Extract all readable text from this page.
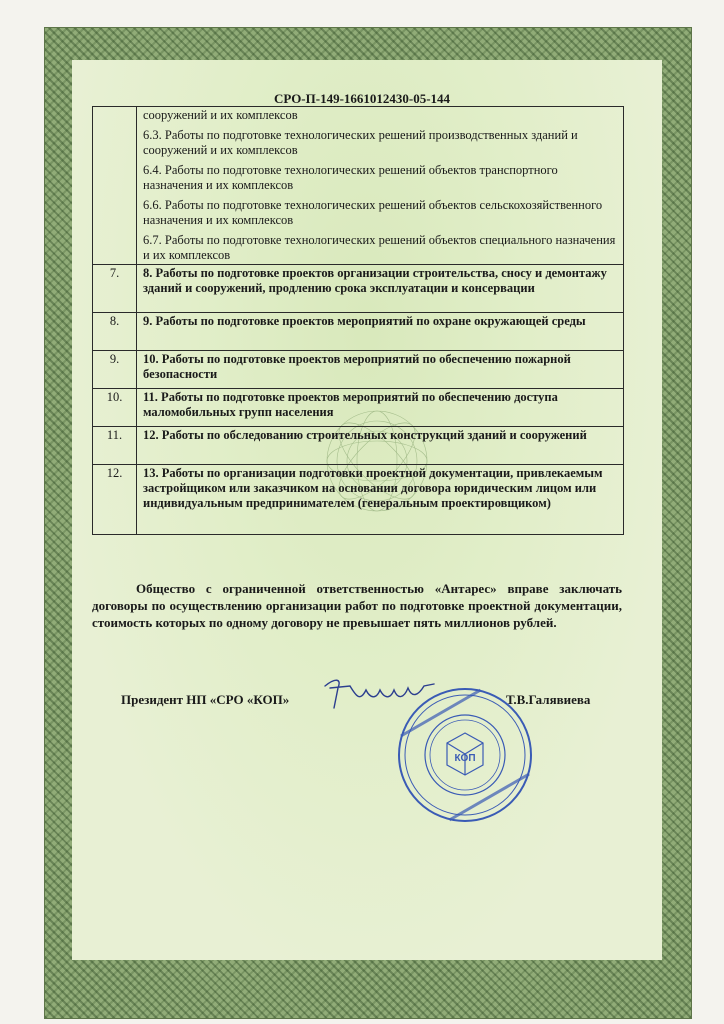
СРО-П-149-1661012430-05-144

	сооружений и их комплексов
6.3. Работы по подготовке технологических решений производственных зданий и сооружений и их комплексов
6.4. Работы по подготовке технологических решений объектов транспортного назначения и их комплексов
6.6. Работы по подготовке технологических решений объектов сельскохозяйственного назначения и их комплексов
6.7. Работы по подготовке технологических решений объектов специального назначения и их комплексов

7.	8. Работы по подготовке проектов организации строительства, сносу и демонтажу зданий и сооружений, продлению срока эксплуатации и консервации
8.	9. Работы по подготовке проектов мероприятий по охране окружающей среды
9.	10. Работы по подготовке проектов мероприятий по обеспечению пожарной безопасности
10.	11. Работы по подготовке проектов мероприятий по обеспечению доступа маломобильных групп населения
11.	12. Работы по обследованию строительных конструкций зданий и сооружений
12.	13. Работы по организации подготовки проектной документации, привлекаемым застройщиком или заказчиком на основании договора юридическим лицом или индивидуальным предпринимателем (генеральным проектировщиком)
Общество с ограниченной ответственностью «Антарес» вправе заключать договоры по осуществлению организации работ по подготовке проектной документации, стоимость которых по одному договору не превышает пять миллионов рублей.
Президент НП «СРО «КОП»	Т.В.Галявиева
КОП
